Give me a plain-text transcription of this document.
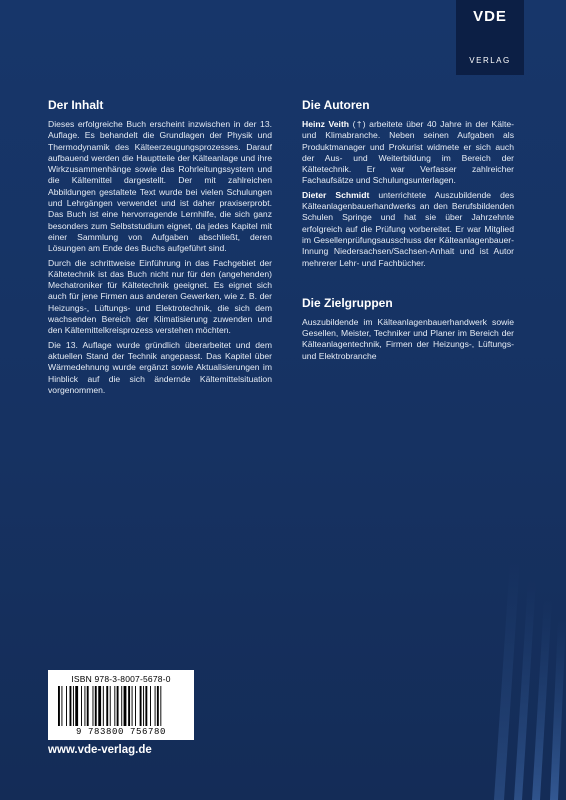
VDE
VERLAG
Der Inhalt

Dieses erfolgreiche Buch erscheint inzwischen in der 13. Auflage. Es behandelt die Grundlagen der Physik und Thermodynamik des Kälteerzeugungsprozesses. Darauf aufbauend werden die Hauptteile der Kälteanlage und ihre Wirkzusammenhänge sowie das Rohrleitungssystem und die Kältemittel dargestellt. Der mit zahlreichen Abbildungen gestaltete Text wurde bei vielen Schulungen und Lehrgängen verwendet und ist daher praxiserprobt. Das Buch ist eine hervorragende Lernhilfe, die sich ganz besonders zum Selbststudium eignet, da jedes Kapitel mit einer Sammlung von Aufgaben abschließt, deren Lösungen am Ende des Buchs aufgeführt sind.

Durch die schrittweise Einführung in das Fachgebiet der Kältetechnik ist das Buch nicht nur für den (angehenden) Mechatroniker für Kältetechnik geeignet. Es eignet sich auch für jene Firmen aus anderen Gewerken, wie z. B. der Heizungs-, Lüftungs- und Elektrotechnik, die sich dem wachsenden Bereich der Klimatisierung zuwenden und den Kältemittelkreisprozess verstehen möchten.

Die 13. Auflage wurde gründlich überarbeitet und dem aktuellen Stand der Technik angepasst. Das Kapitel über Wärmedehnung wurde ergänzt sowie Aktualisierungen im Hinblick auf die sich ändernde Kältemittelsituation vorgenommen.

Die Autoren

Heinz Veith (†) arbeitete über 40 Jahre in der Kälte- und Klimabranche. Neben seinen Aufgaben als Produktmanager und Prokurist widmete er sich auch der Aus- und Weiterbildung im Bereich der Kältetechnik. Er war Verfasser zahlreicher Fachaufsätze und Schulungsunterlagen.

Dieter Schmidt unterrichtete Auszubildende des Kälteanlagenbauerhandwerks an den Berufsbildenden Schulen Springe und hat sie über Jahrzehnte erfolgreich auf die Prüfung vorbereitet. Er war Mitglied im Gesellenprüfungsausschuss der Kälteanlagenbauer-Innung Niedersachsen/Sachsen-Anhalt und ist Autor mehrerer Lehr- und Fachbücher.

Die Zielgruppen

Auszubildende im Kälteanlagenbauerhandwerk sowie Gesellen, Meister, Techniker und Planer im Bereich der Kälteanlagentechnik, Firmen der Heizungs-, Lüftungs- und Elektrobranche

ISBN 978-3-8007-5678-0
9 783800 756780
www.vde-verlag.de
